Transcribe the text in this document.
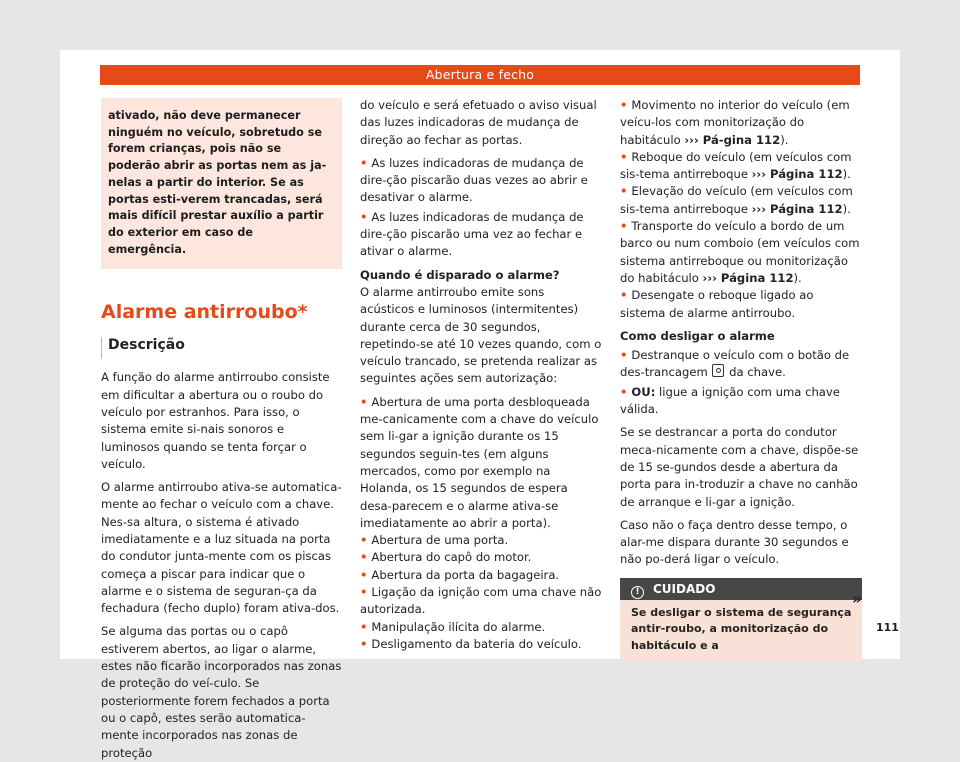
Abertura e fecho
ativado, não deve permanecer ninguém no veículo, sobretudo se forem crianças, pois não se poderão abrir as portas nem as ja-nelas a partir do interior. Se as portas esti-verem trancadas, será mais difícil prestar auxílio a partir do exterior em caso de emergência.
Alarme antirroubo*
Descrição

A função do alarme antirroubo consiste em dificultar a abertura ou o roubo do veículo por estranhos. Para isso, o sistema emite si-nais sonoros e luminosos quando se tenta forçar o veículo.

O alarme antirroubo ativa-se automatica-mente ao fechar o veículo com a chave. Nes-sa altura, o sistema é ativado imediatamente e a luz situada na porta do condutor junta-mente com os piscas começa a piscar para indicar que o alarme e o sistema de seguran-ça da fechadura (fecho duplo) foram ativa-dos.

Se alguma das portas ou o capô estiverem abertos, ao ligar o alarme, estes não ficarão incorporados nas zonas de proteção do veí-culo. Se posteriormente forem fechados a porta ou o capô, estes serão automatica-mente incorporados nas zonas de proteção

do veículo e será efetuado o aviso visual das luzes indicadoras de mudança de direção ao fechar as portas.

• As luzes indicadoras de mudança de dire-ção piscarão duas vezes ao abrir e desativar o alarme.

• As luzes indicadoras de mudança de dire-ção piscarão uma vez ao fechar e ativar o alarme.

Quando é disparado o alarme?

O alarme antirroubo emite sons acústicos e luminosos (intermitentes) durante cerca de 30 segundos, repetindo-se até 10 vezes quando, com o veículo trancado, se pretenda realizar as seguintes ações sem autorização:

• Abertura de uma porta desbloqueada me-canicamente com a chave do veículo sem li-gar a ignição durante os 15 segundos seguin-tes (em alguns mercados, como por exemplo na Holanda, os 15 segundos de espera desa-parecem e o alarme ativa-se imediatamente ao abrir a porta).

• Abertura de uma porta.

• Abertura do capô do motor.

• Abertura da porta da bagageira.

• Ligação da ignição com uma chave não autorizada.

• Manipulação ilícita do alarme.

• Desligamento da bateria do veículo.

• Movimento no interior do veículo (em veícu-los com monitorização do habitáculo ››› Pá-gina 112).

• Reboque do veículo (em veículos com sis-tema antirreboque ››› Página 112).

• Elevação do veículo (em veículos com sis-tema antirreboque ››› Página 112).

• Transporte do veículo a bordo de um barco ou num comboio (em veículos com sistema antirreboque ou monitorização do habitáculo ››› Página 112).

• Desengate o reboque ligado ao sistema de alarme antirroubo.

Como desligar o alarme

• Destranque o veículo com o botão de des-trancagem  da chave.

• OU: ligue a ignição com uma chave válida.

Se se destrancar a porta do condutor meca-nicamente com a chave, dispõe-se de 15 se-gundos desde a abertura da porta para in-troduzir a chave no canhão de arranque e li-gar a ignição.

Caso não o faça dentro desse tempo, o alar-me dispara durante 30 segundos e não po-derá ligar o veículo.

! CUIDADO
Se desligar o sistema de segurança antir-roubo, a monitorização do habitáculo e a
»
111
